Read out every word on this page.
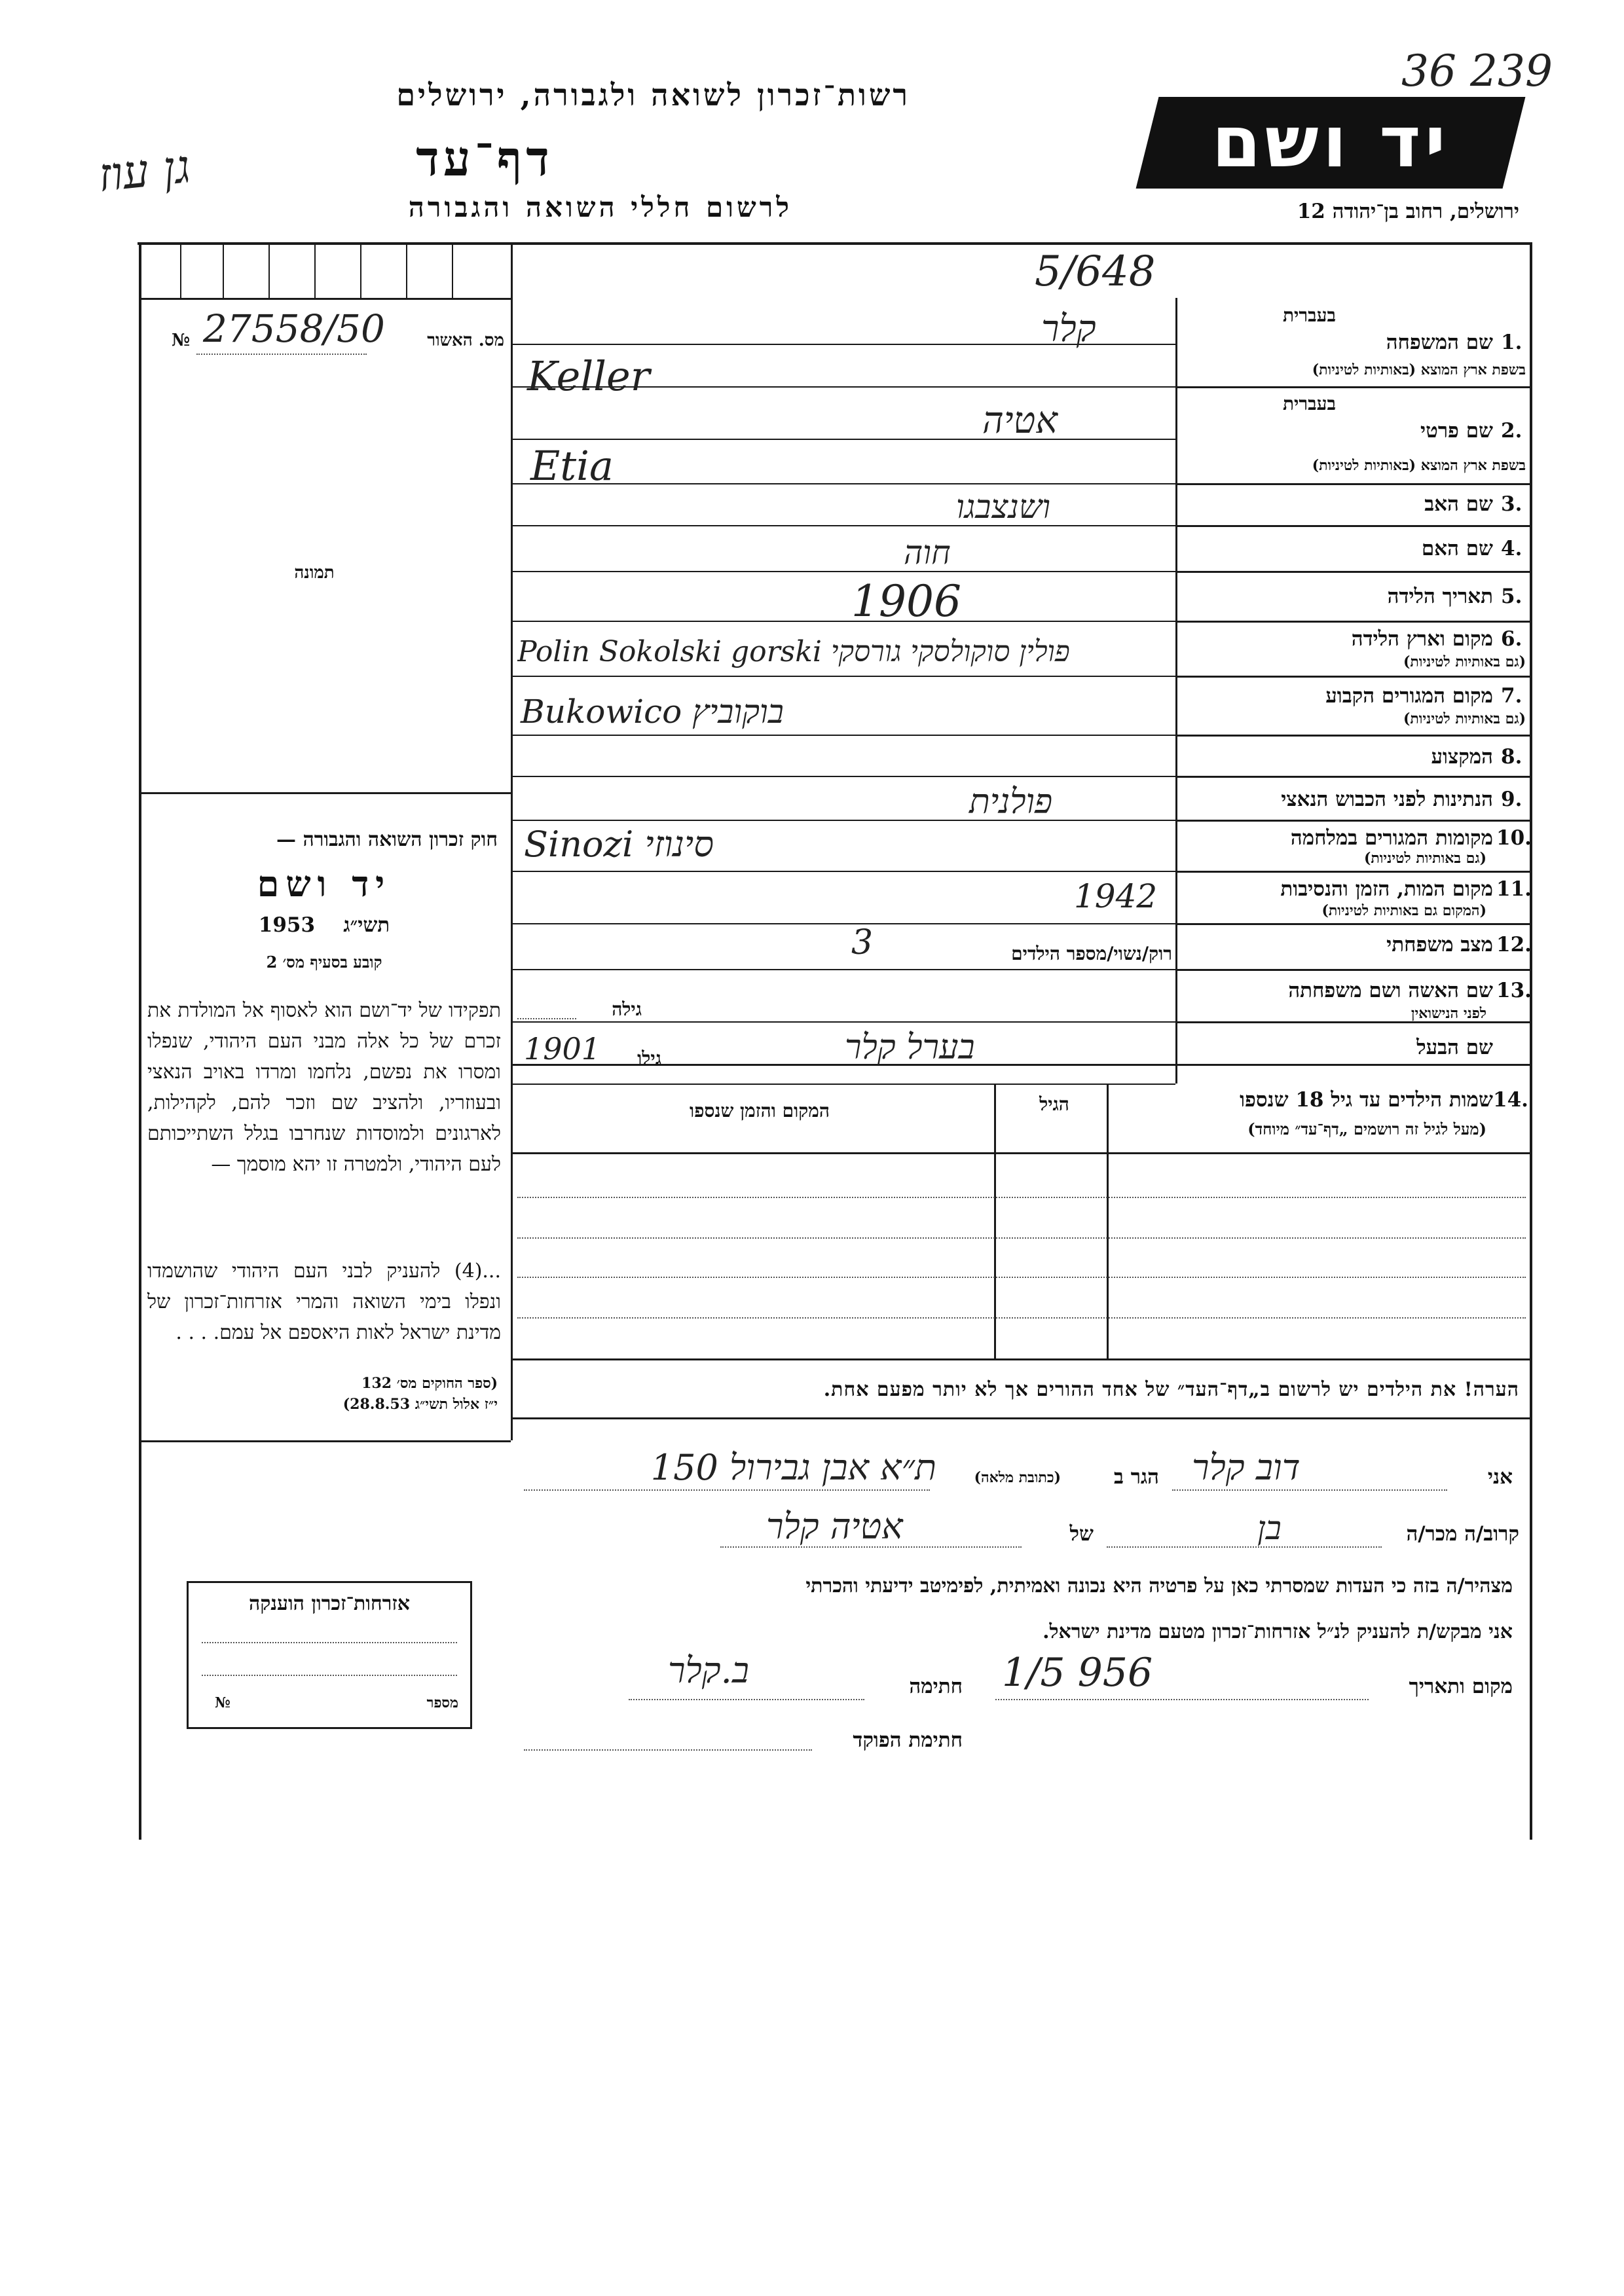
רשות־זכרון לשואה ולגבורה, ירושלים
דף־עד
לרשום חללי השואה והגבורה
גן עוז	יד ושם
36 239
ירושלים, רחוב בן־יהודה 12
5/648
מס. האשור
27558/50
№
תמונה
חוק זכרון השואה והגבורה —
יד ושם
1953 תשי״ג
קובע בסעיף מס׳ 2
תפקידו של יד־ושם הוא לאסוף אל המולדת את זכרם של כל אלה מבני העם היהודי, שנפלו ומסרו את נפשם, נלחמו ומרדו באויב הנאצי ובעוזריו, ולהציב שם וזכר להם, לקהילות, לארגונים ולמוסדות שנחרבו בגלל השתייכותם לעם היהודי, ולמטרה זו יהא מוסמך —
...(4) להעניק לבני העם היהודי שהושמדו ונפלו בימי השואה והמרי אזרחות־זכרון של מדינת ישראל לאות היאספם אל עמם. . . .
(ספר החוקים מס׳ 132
י״ז אלול תשי״ג 28.8.53)
אזרחות־זכרון הוענקה
מספר
№
בעברית
שם המשפחה 1.
בשפת ארץ המוצא (באותיות לטיניות)
קלר
Keller
בעברית
שם פרטי 2.
בשפת ארץ המוצא (באותיות לטיניות)
אטיה
Etia
שם האב 3.
ושנצבגו
שם האם 4.
חוה
תאריך הלידה 5.
1906
מקום וארץ הלידה 6.
(גם באותיות לטיניות)
Polin Sokolski gorski פולין סוקולסקי גורסקי
מקום המגורים הקבוע 7.
(גם באותיות לטיניות)
Bukowico בוקוביץ
המקצוע 8.
הנתינות לפני הכבוש הנאצי 9.
פולנית
מקומות המגורים במלחמה 10.
(גם באותיות לטיניות)
Sinozi סינוזי
מקום המות, הזמן והנסיבות 11.
(המקום גם באותיות לטיניות)
1942
מצב משפחתי 12.
רוק/נשוי/מספר הילדים
3
שם האשה ושם משפחתה 13.
לפני הנישואין
גילה
שם הבעל
בערל קלר
גילו
1901
14.
שמות הילדים עד גיל 18 שנספו
(מעל לגיל זה רושמים „דף־עד״ מיוחד)
הגיל
המקום והזמן שנספו
הערה! את הילדים יש לרשום ב„דף־העד״ של אחד ההורים אך לא יותר מפעם אחת.
אני
דוב קלר
הגר ב
(כתובת מלאה)
ת״א אבן גבירול 150
קרוב/ה מכר/ה
בן
של
אטיה קלר
מצהיר/ה בזה כי העדות שמסרתי כאן על פרטיה היא נכונה ואמיתית, לפימיטב ידיעתי והכרתי
אני מבקש/ת להעניק לנ״ל אזרחות־זכרון מטעם מדינת ישראל.
מקום ותאריך
1/5 956
חתימה
ב.קלר
חתימת הפוקד
